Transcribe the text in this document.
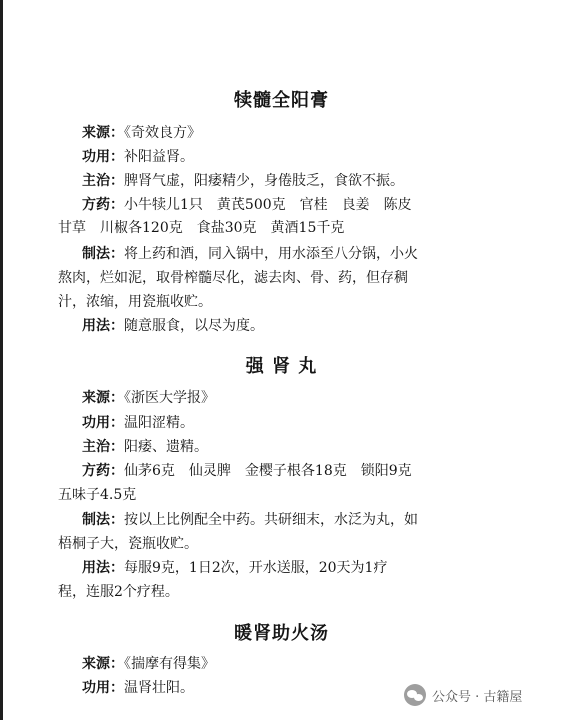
犊髓全阳膏
来源：《奇效良方》
功用：补阳益肾。
主治：脾肾气虚，阳痿精少，身倦肢乏，食欲不振。
方药：小牛犊儿1只　黄芪500克　官桂　良姜　陈皮
甘草　川椒各120克　食盐30克　黄酒15千克
制法：将上药和酒，同入锅中，用水添至八分锅，小火
熬肉，烂如泥，取骨榨髓尽化，滤去肉、骨、药，但存稠
汁，浓缩，用瓷瓶收贮。
用法：随意服食，以尽为度。
强 肾 丸
来源：《浙医大学报》
功用：温阳涩精。
主治：阳痿、遗精。
方药：仙茅6克　仙灵脾　金樱子根各18克　锁阳9克
五味子4.5克
制法：按以上比例配全中药。共研细末，水泛为丸，如
梧桐子大，瓷瓶收贮。
用法：每服9克，1日2次，开水送服，20天为1疗
程，连服2个疗程。
暖肾助火汤
来源：《揣摩有得集》
功用：温肾壮阳。
公众号 · 古籍屋
